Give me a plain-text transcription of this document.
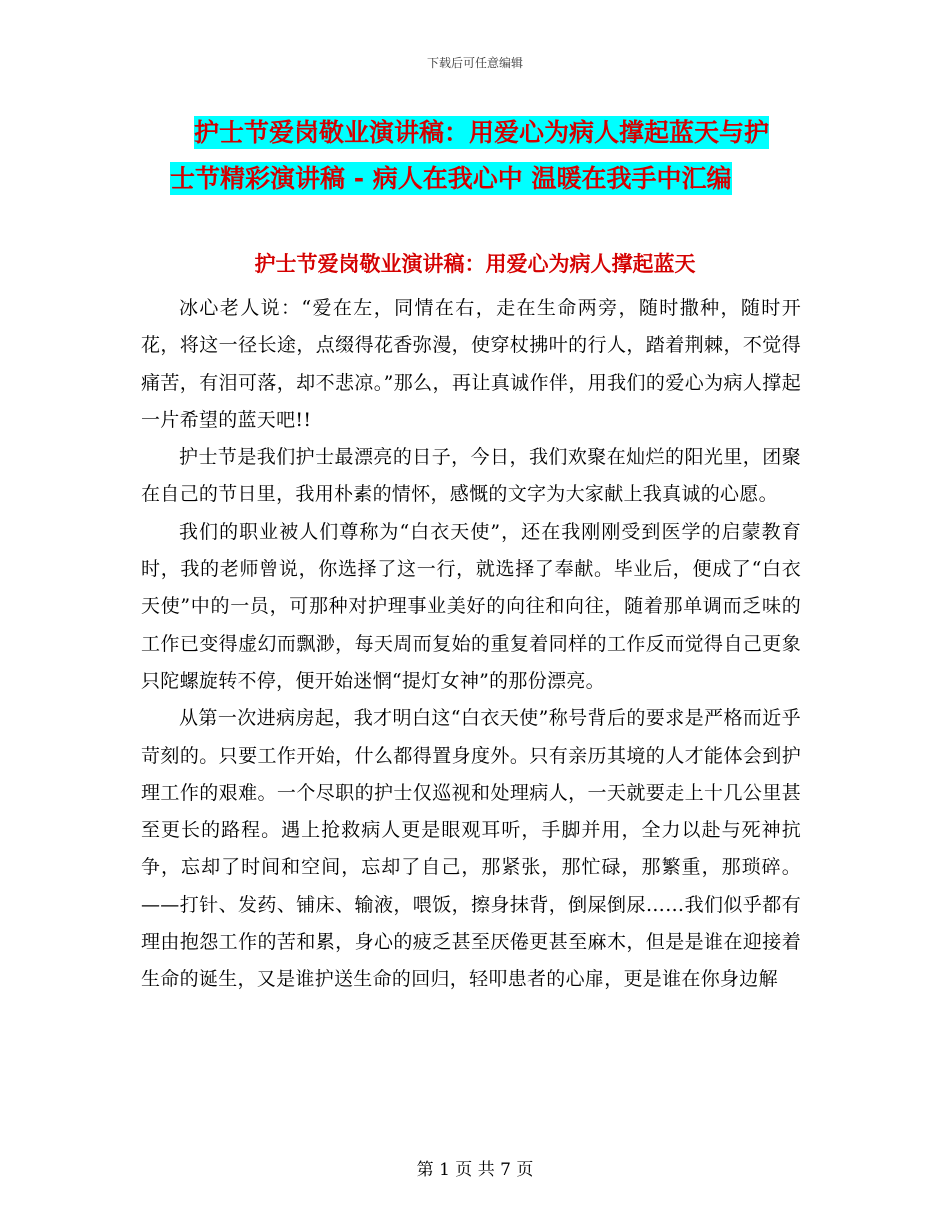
下载后可任意编辑
护士节爱岗敬业演讲稿：用爱心为病人撑起蓝天与护
士节精彩演讲稿 - 病人在我心中 温暖在我手中汇编
护士节爱岗敬业演讲稿：用爱心为病人撑起蓝天

冰心老人说：“爱在左，同情在右，走在生命两旁，随时撒种，随时开花，将这一径长途，点缀得花香弥漫，使穿杖拂叶的行人，踏着荆棘，不觉得痛苦，有泪可落，却不悲凉。”那么，再让真诚作伴，用我们的爱心为病人撑起一片希望的蓝天吧!!

护士节是我们护士最漂亮的日子，今日，我们欢聚在灿烂的阳光里，团聚在自己的节日里，我用朴素的情怀，感慨的文字为大家献上我真诚的心愿。

我们的职业被人们尊称为“白衣天使”，还在我刚刚受到医学的启蒙教育时，我的老师曾说，你选择了这一行，就选择了奉献。毕业后，便成了“白衣天使”中的一员，可那种对护理事业美好的向往和向往，随着那单调而乏味的工作已变得虚幻而飘渺，每天周而复始的重复着同样的工作反而觉得自己更象只陀螺旋转不停，便开始迷惘“提灯女神”的那份漂亮。

从第一次进病房起，我才明白这“白衣天使”称号背后的要求是严格而近乎苛刻的。只要工作开始，什么都得置身度外。只有亲历其境的人才能体会到护理工作的艰难。一个尽职的护士仅巡视和处理病人，一天就要走上十几公里甚至更长的路程。遇上抢救病人更是眼观耳听，手脚并用，全力以赴与死神抗争，忘却了时间和空间，忘却了自己，那紧张，那忙碌，那繁重，那琐碎。——打针、发药、铺床、输液，喂饭，擦身抹背，倒屎倒尿……我们似乎都有理由抱怨工作的苦和累，身心的疲乏甚至厌倦更甚至麻木，但是是谁在迎接着生命的诞生，又是谁护送生命的回归，轻叩患者的心扉，更是谁在你身边解

第 1 页 共 7 页
